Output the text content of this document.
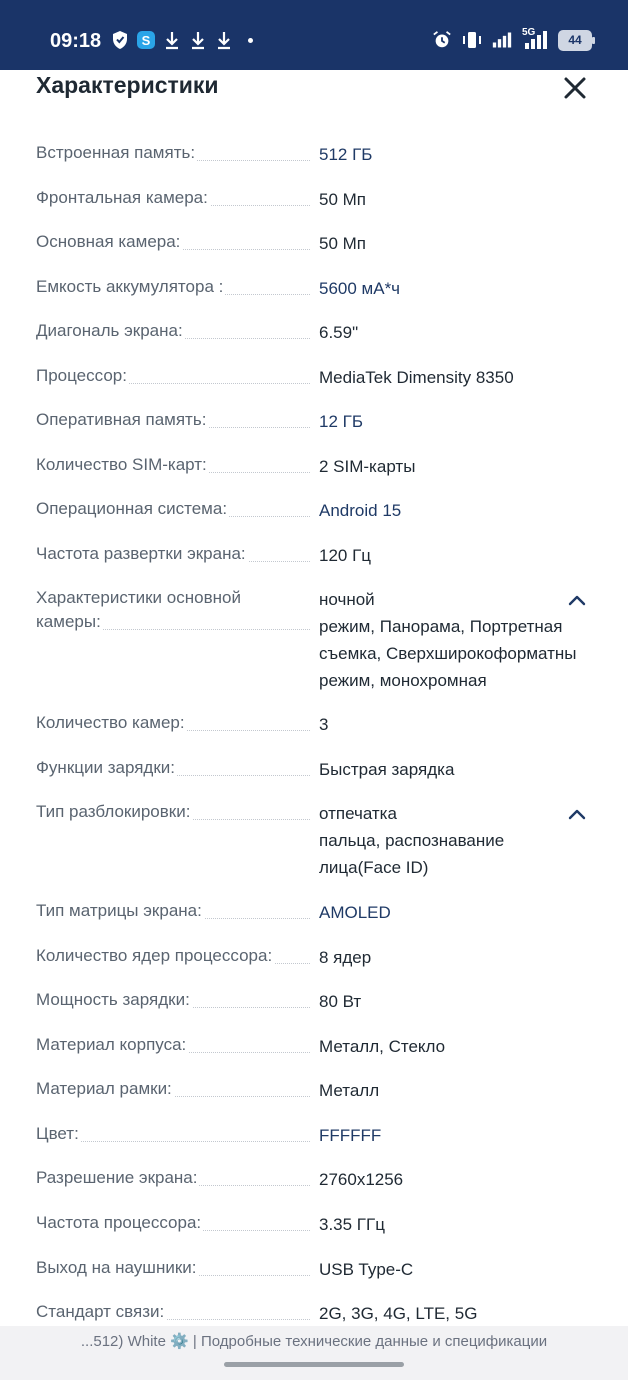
09:18	S	5G	44
Характеристики
Встроенная память:	512 ГБ
Фронтальная камера:	50 Мп
Основная камера:	50 Мп
Емкость аккумулятора :	5600 мА*ч
Диагональ экрана:	6.59"
Процессор:	MediaTek Dimensity 8350
Оперативная память:	12 ГБ
Количество SIM-карт:	2 SIM-карты
Операционная система:	Android 15
Частота развертки экрана:	120 Гц
Характеристики основной
камеры:
ночной
режим, Панорама, Портретная
съемка, Сверхширокоформатны
режим, монохромная
Количество камер:	3
Функции зарядки:	Быстрая зарядка
Тип разблокировки:	отпечатка
пальца, распознавание
лица(Face ID)
Тип матрицы экрана:	AMOLED
Количество ядер процессора:	8 ядер
Мощность зарядки:	80 Вт
Материал корпуса:	Металл, Стекло
Материал рамки:	Металл
Цвет:	FFFFFF
Разрешение экрана:	2760x1256
Частота процессора:	3.35 ГГц
Выход на наушники:	USB Type-C
Стандарт связи:	2G, 3G, 4G, LTE, 5G
...512) White ⚙️ | Подробные технические данные и спецификации
